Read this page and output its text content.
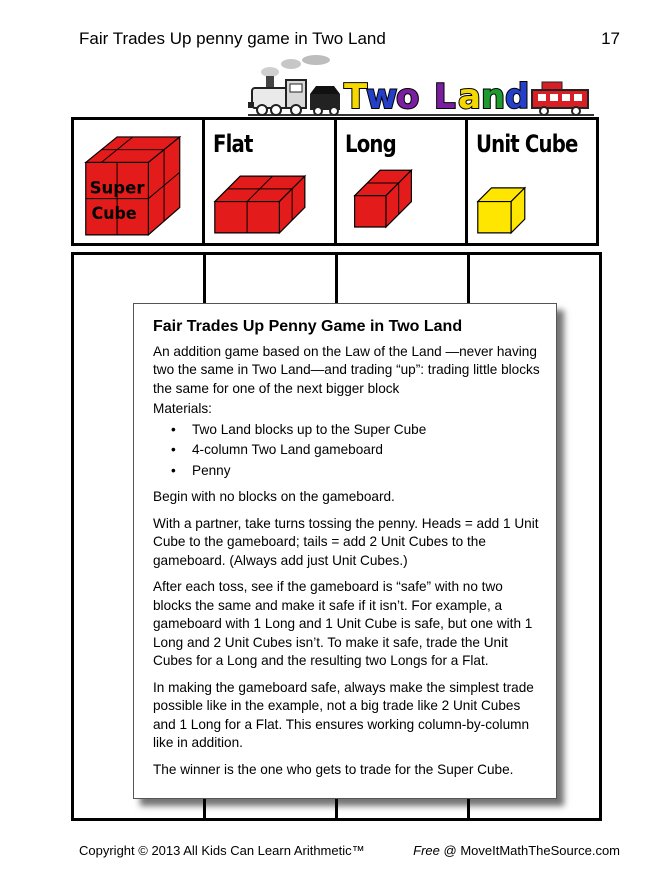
Fair Trades Up penny game in Two Land	17
T
w
o L a n d
Super
Cube
Flat	Long	Unit Cube
Fair Trades Up Penny Game in Two Land

An addition game based on the Law of the Land —never having two the same in Two Land—and trading “up”: trading little blocks the same for one of the next bigger block

Materials:

• Two Land blocks up to the Super Cube
• 4-column Two Land gameboard
• Penny

Begin with no blocks on the gameboard.

With a partner, take turns tossing the penny. Heads = add 1 Unit Cube to the gameboard; tails = add 2 Unit Cubes to the gameboard. (Always add just Unit Cubes.)

After each toss, see if the gameboard is “safe” with no two blocks the same and make it safe if it isn’t. For example, a gameboard with 1 Long and 1 Unit Cube is safe, but one with 1 Long and 2 Unit Cubes isn’t. To make it safe, trade the Unit Cubes for a Long and the resulting two Longs for a Flat.

In making the gameboard safe, always make the simplest trade possible like in the example, not a big trade like 2 Unit Cubes and 1 Long for a Flat. This ensures working column-by-column like in addition.

The winner is the one who gets to trade for the Super Cube.

Copyright © 2013 All Kids Can Learn Arithmetic™	Free @ MoveItMathTheSource.com
